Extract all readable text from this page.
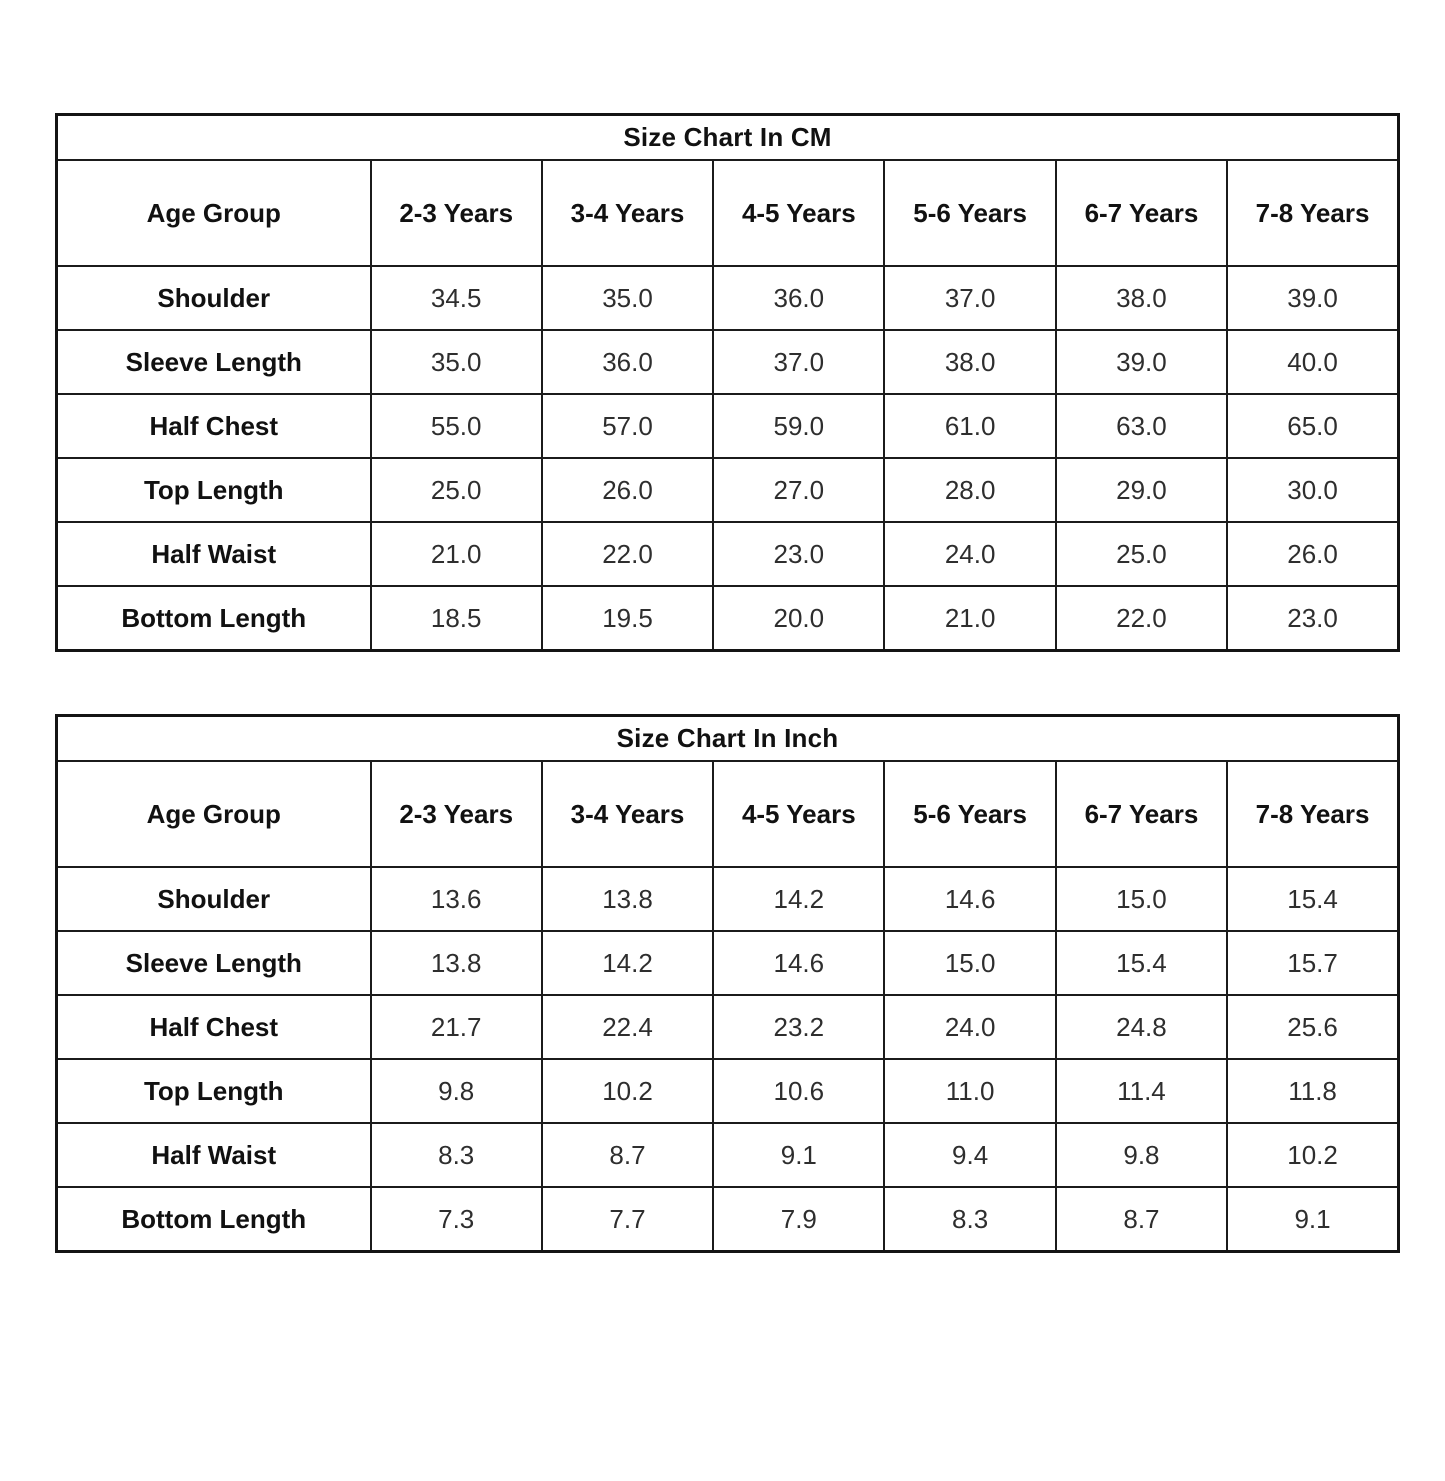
Size Chart In CM						
Age Group	2-3 Years	3-4 Years	4-5 Years	5-6 Years	6-7 Years	7-8 Years
Shoulder	34.5	35.0	36.0	37.0	38.0	39.0
Sleeve Length	35.0	36.0	37.0	38.0	39.0	40.0
Half Chest	55.0	57.0	59.0	61.0	63.0	65.0
Top Length	25.0	26.0	27.0	28.0	29.0	30.0
Half Waist	21.0	22.0	23.0	24.0	25.0	26.0
Bottom Length	18.5	19.5	20.0	21.0	22.0	23.0
Size Chart In Inch						
Age Group	2-3 Years	3-4 Years	4-5 Years	5-6 Years	6-7 Years	7-8 Years
Shoulder	13.6	13.8	14.2	14.6	15.0	15.4
Sleeve Length	13.8	14.2	14.6	15.0	15.4	15.7
Half Chest	21.7	22.4	23.2	24.0	24.8	25.6
Top Length	9.8	10.2	10.6	11.0	11.4	11.8
Half Waist	8.3	8.7	9.1	9.4	9.8	10.2
Bottom Length	7.3	7.7	7.9	8.3	8.7	9.1
